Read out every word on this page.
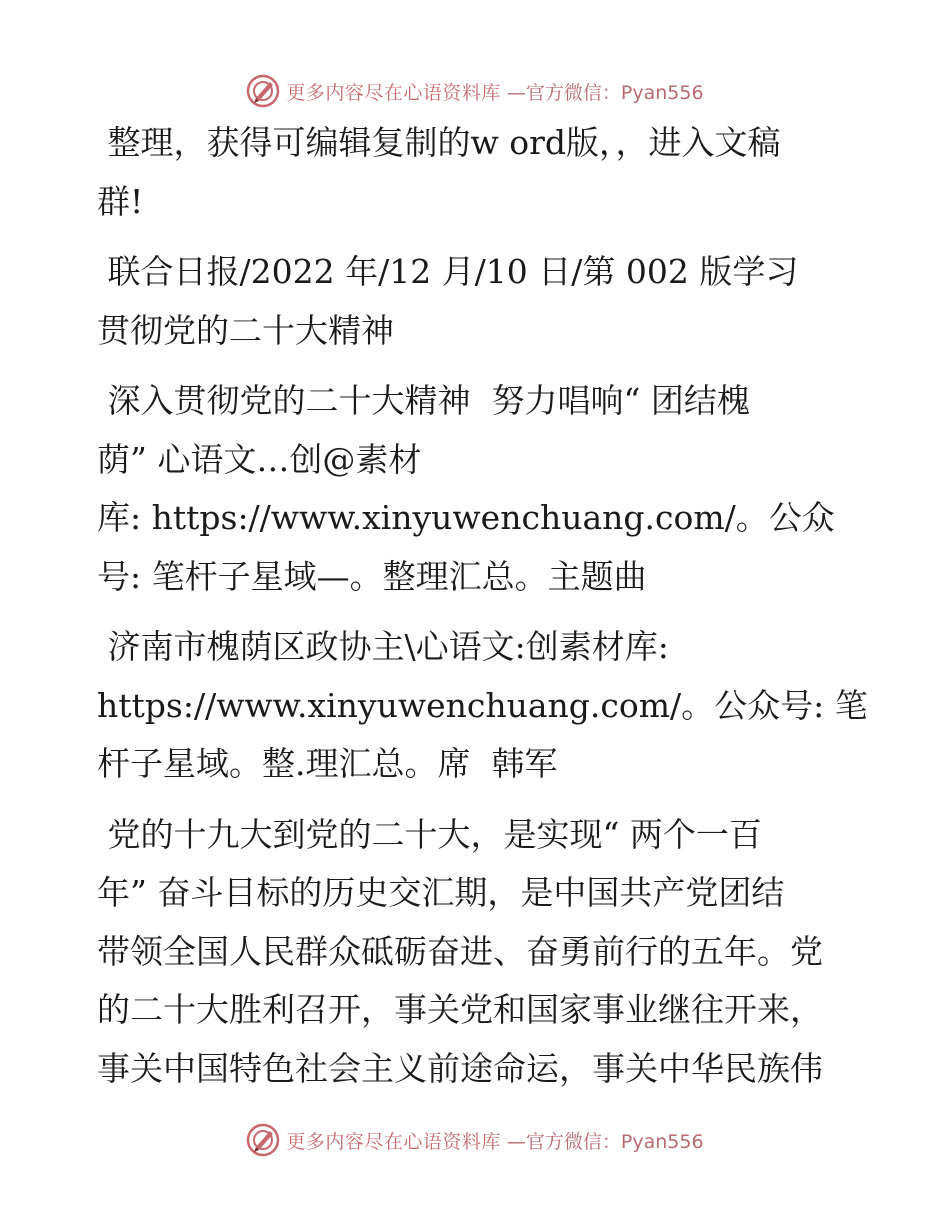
更多内容尽在心语资料库 —官方微信：Pyan556
整理，获得可编辑复制的w ord版，，进入文稿
群!
联合日报/2022 年/12 月/10 日/第 002 版学习
贯彻党的二十大精神
深入贯彻党的二十大精神  努力唱响“ 团结槐
荫” 心语文…创@素材
库: https://www.xinyuwenchuang.com/。公众
号: 笔杆子星域—。整理汇总。主题曲
济南市槐荫区政协主\心语文:创素材库:
https://www.xinyuwenchuang.com/。公众号: 笔
杆子星域。整.理汇总。席  韩军
党的十九大到党的二十大，是实现“ 两个一百
年” 奋斗目标的历史交汇期，是中国共产党团结
带领全国人民群众砥砺奋进、奋勇前行的五年。党
的二十大胜利召开，事关党和国家事业继往开来，
事关中国特色社会主义前途命运，事关中华民族伟
更多内容尽在心语资料库 —官方微信：Pyan556
